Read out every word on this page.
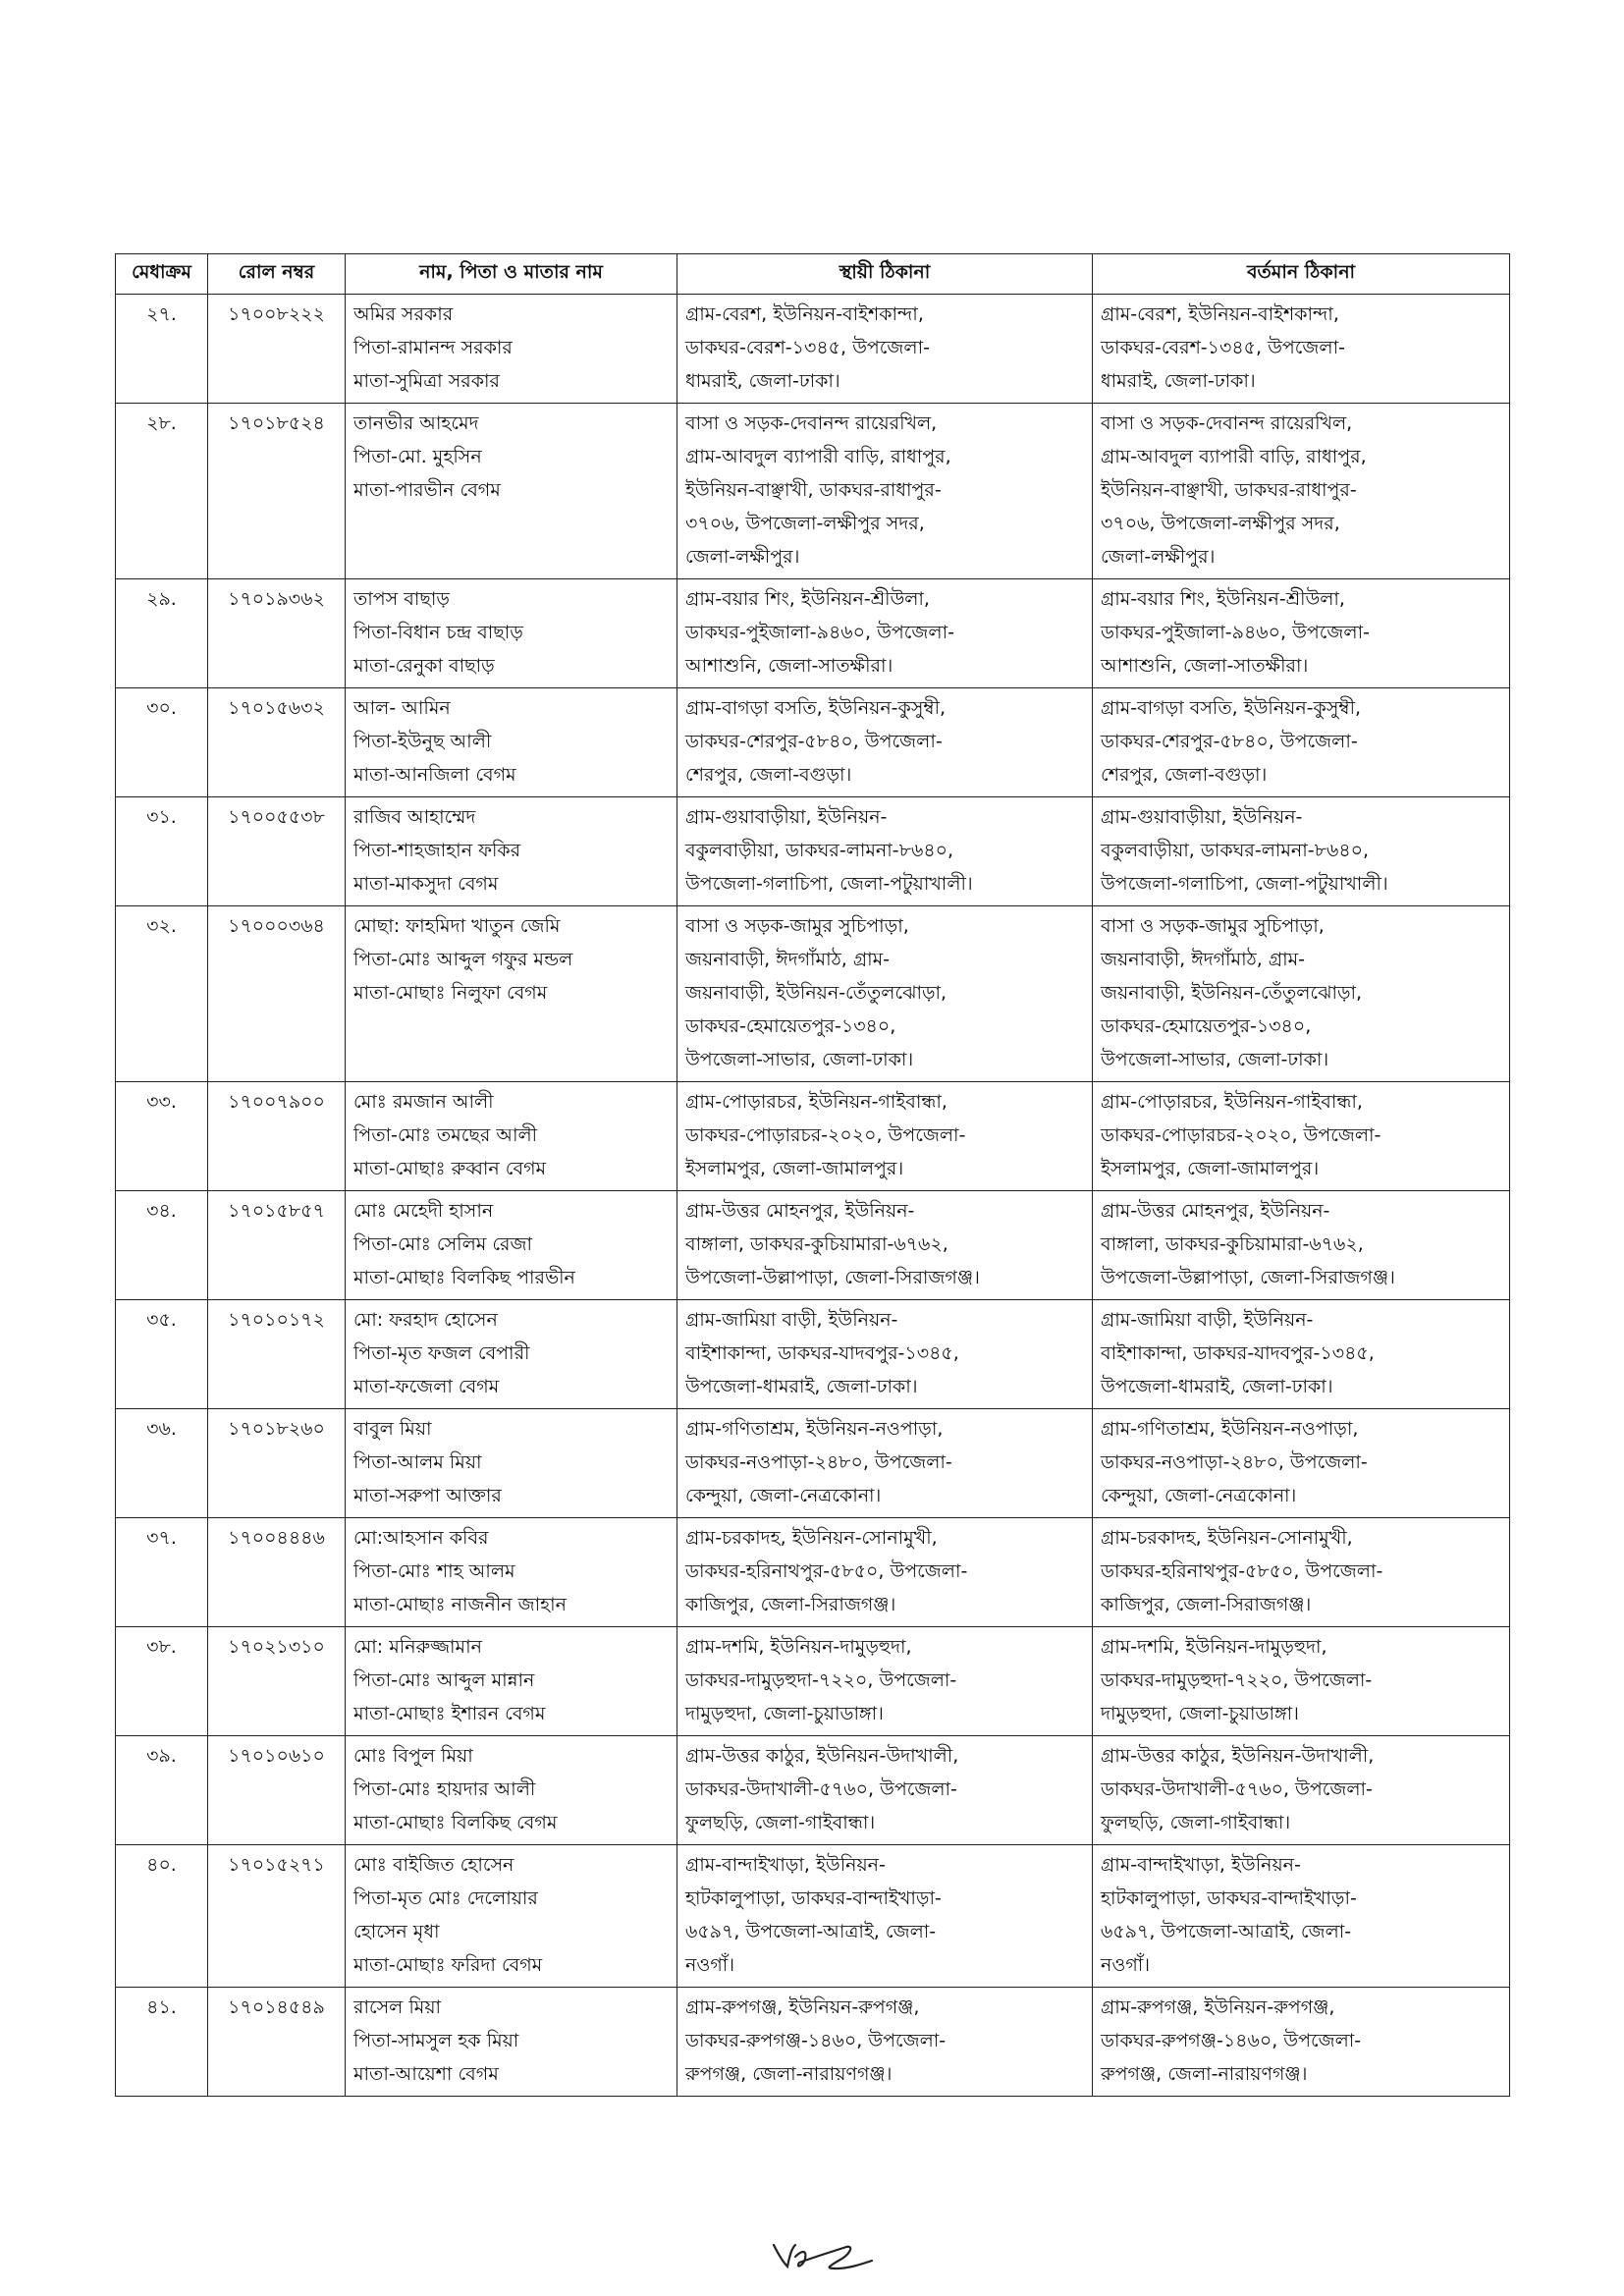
মেধাক্রম	রোল নম্বর	নাম, পিতা ও মাতার নাম	স্থায়ী ঠিকানা	বর্তমান ঠিকানা
২৭.	১৭০০৮২২২	অমির সরকার
পিতা-রামানন্দ সরকার
মাতা-সুমিত্রা সরকার	গ্রাম-বেরশ, ইউনিয়ন-বাইশকান্দা,
ডাকঘর-বেরশ-১৩৪৫, উপজেলা-
ধামরাই, জেলা-ঢাকা।	গ্রাম-বেরশ, ইউনিয়ন-বাইশকান্দা,
ডাকঘর-বেরশ-১৩৪৫, উপজেলা-
ধামরাই, জেলা-ঢাকা।
২৮.	১৭০১৮৫২৪	তানভীর আহমেদ
পিতা-মো. মুহসিন
মাতা-পারভীন বেগম	বাসা ও সড়ক-দেবানন্দ রায়েরখিল,
গ্রাম-আবদুল ব্যাপারী বাড়ি, রাধাপুর,
ইউনিয়ন-বাঞ্ছাখী, ডাকঘর-রাধাপুর-
৩৭০৬, উপজেলা-লক্ষীপুর সদর,
জেলা-লক্ষীপুর।	বাসা ও সড়ক-দেবানন্দ রায়েরখিল,
গ্রাম-আবদুল ব্যাপারী বাড়ি, রাধাপুর,
ইউনিয়ন-বাঞ্ছাখী, ডাকঘর-রাধাপুর-
৩৭০৬, উপজেলা-লক্ষীপুর সদর,
জেলা-লক্ষীপুর।
২৯.	১৭০১৯৩৬২	তাপস বাছাড়
পিতা-বিধান চন্দ্র বাছাড়
মাতা-রেনুকা বাছাড়	গ্রাম-বয়ার শিং, ইউনিয়ন-শ্রীউলা,
ডাকঘর-পুইজালা-৯৪৬০, উপজেলা-
আশাশুনি, জেলা-সাতক্ষীরা।	গ্রাম-বয়ার শিং, ইউনিয়ন-শ্রীউলা,
ডাকঘর-পুইজালা-৯৪৬০, উপজেলা-
আশাশুনি, জেলা-সাতক্ষীরা।
৩০.	১৭০১৫৬৩২	আল- আমিন
পিতা-ইউনুছ আলী
মাতা-আনজিলা বেগম	গ্রাম-বাগড়া বসতি, ইউনিয়ন-কুসুম্বী,
ডাকঘর-শেরপুর-৫৮৪০, উপজেলা-
শেরপুর, জেলা-বগুড়া।	গ্রাম-বাগড়া বসতি, ইউনিয়ন-কুসুম্বী,
ডাকঘর-শেরপুর-৫৮৪০, উপজেলা-
শেরপুর, জেলা-বগুড়া।
৩১.	১৭০০৫৫৩৮	রাজিব আহাম্মেদ
পিতা-শাহজাহান ফকির
মাতা-মাকসুদা বেগম	গ্রাম-গুয়াবাড়ীয়া, ইউনিয়ন-
বকুলবাড়ীয়া, ডাকঘর-লামনা-৮৬৪০,
উপজেলা-গলাচিপা, জেলা-পটুয়াখালী।	গ্রাম-গুয়াবাড়ীয়া, ইউনিয়ন-
বকুলবাড়ীয়া, ডাকঘর-লামনা-৮৬৪০,
উপজেলা-গলাচিপা, জেলা-পটুয়াখালী।
৩২.	১৭০০০৩৬৪	মোছা: ফাহমিদা খাতুন জেমি
পিতা-মোঃ আব্দুল গফুর মন্ডল
মাতা-মোছাঃ নিলুফা বেগম	বাসা ও সড়ক-জামুর সুচিপাড়া,
জয়নাবাড়ী, ঈদগাঁমাঠ, গ্রাম-
জয়নাবাড়ী, ইউনিয়ন-তেঁতুলঝোড়া,
ডাকঘর-হেমায়েতপুর-১৩৪০,
উপজেলা-সাভার, জেলা-ঢাকা।	বাসা ও সড়ক-জামুর সুচিপাড়া,
জয়নাবাড়ী, ঈদগাঁমাঠ, গ্রাম-
জয়নাবাড়ী, ইউনিয়ন-তেঁতুলঝোড়া,
ডাকঘর-হেমায়েতপুর-১৩৪০,
উপজেলা-সাভার, জেলা-ঢাকা।
৩৩.	১৭০০৭৯০০	মোঃ রমজান আলী
পিতা-মোঃ তমছের আলী
মাতা-মোছাঃ রুব্বান বেগম	গ্রাম-পোড়ারচর, ইউনিয়ন-গাইবান্ধা,
ডাকঘর-পোড়ারচর-২০২০, উপজেলা-
ইসলামপুর, জেলা-জামালপুর।	গ্রাম-পোড়ারচর, ইউনিয়ন-গাইবান্ধা,
ডাকঘর-পোড়ারচর-২০২০, উপজেলা-
ইসলামপুর, জেলা-জামালপুর।
৩৪.	১৭০১৫৮৫৭	মোঃ মেহেদী হাসান
পিতা-মোঃ সেলিম রেজা
মাতা-মোছাঃ বিলকিছ পারভীন	গ্রাম-উত্তর মোহনপুর, ইউনিয়ন-
বাঙ্গালা, ডাকঘর-কুচিয়ামারা-৬৭৬২,
উপজেলা-উল্লাপাড়া, জেলা-সিরাজগঞ্জ।	গ্রাম-উত্তর মোহনপুর, ইউনিয়ন-
বাঙ্গালা, ডাকঘর-কুচিয়ামারা-৬৭৬২,
উপজেলা-উল্লাপাড়া, জেলা-সিরাজগঞ্জ।
৩৫.	১৭০১০১৭২	মো: ফরহাদ হোসেন
পিতা-মৃত ফজল বেপারী
মাতা-ফজেলা বেগম	গ্রাম-জামিয়া বাড়ী, ইউনিয়ন-
বাইশাকান্দা, ডাকঘর-যাদবপুর-১৩৪৫,
উপজেলা-ধামরাই, জেলা-ঢাকা।	গ্রাম-জামিয়া বাড়ী, ইউনিয়ন-
বাইশাকান্দা, ডাকঘর-যাদবপুর-১৩৪৫,
উপজেলা-ধামরাই, জেলা-ঢাকা।
৩৬.	১৭০১৮২৬০	বাবুল মিয়া
পিতা-আলম মিয়া
মাতা-সরুপা আক্তার	গ্রাম-গণিতাশ্রম, ইউনিয়ন-নওপাড়া,
ডাকঘর-নওপাড়া-২৪৮০, উপজেলা-
কেন্দুয়া, জেলা-নেত্রকোনা।	গ্রাম-গণিতাশ্রম, ইউনিয়ন-নওপাড়া,
ডাকঘর-নওপাড়া-২৪৮০, উপজেলা-
কেন্দুয়া, জেলা-নেত্রকোনা।
৩৭.	১৭০০৪৪৪৬	মো:আহসান কবির
পিতা-মোঃ শাহ আলম
মাতা-মোছাঃ নাজনীন জাহান	গ্রাম-চরকাদহ, ইউনিয়ন-সোনামুখী,
ডাকঘর-হরিনাথপুর-৫৮৫০, উপজেলা-
কাজিপুর, জেলা-সিরাজগঞ্জ।	গ্রাম-চরকাদহ, ইউনিয়ন-সোনামুখী,
ডাকঘর-হরিনাথপুর-৫৮৫০, উপজেলা-
কাজিপুর, জেলা-সিরাজগঞ্জ।
৩৮.	১৭০২১৩১০	মো: মনিরুজ্জামান
পিতা-মোঃ আব্দুল মান্নান
মাতা-মোছাঃ ইশারন বেগম	গ্রাম-দশমি, ইউনিয়ন-দামুড়হুদা,
ডাকঘর-দামুড়হুদা-৭২২০, উপজেলা-
দামুড়হুদা, জেলা-চুয়াডাঙ্গা।	গ্রাম-দশমি, ইউনিয়ন-দামুড়হুদা,
ডাকঘর-দামুড়হুদা-৭২২০, উপজেলা-
দামুড়হুদা, জেলা-চুয়াডাঙ্গা।
৩৯.	১৭০১০৬১০	মোঃ বিপুল মিয়া
পিতা-মোঃ হায়দার আলী
মাতা-মোছাঃ বিলকিছ বেগম	গ্রাম-উত্তর কাঠুর, ইউনিয়ন-উদাখালী,
ডাকঘর-উদাখালী-৫৭৬০, উপজেলা-
ফুলছড়ি, জেলা-গাইবান্ধা।	গ্রাম-উত্তর কাঠুর, ইউনিয়ন-উদাখালী,
ডাকঘর-উদাখালী-৫৭৬০, উপজেলা-
ফুলছড়ি, জেলা-গাইবান্ধা।
৪০.	১৭০১৫২৭১	মোঃ বাইজিত হোসেন
পিতা-মৃত মোঃ দেলোয়ার
হোসেন মৃধা
মাতা-মোছাঃ ফরিদা বেগম	গ্রাম-বান্দাইখাড়া, ইউনিয়ন-
হাটকালুপাড়া, ডাকঘর-বান্দাইখাড়া-
৬৫৯৭, উপজেলা-আত্রাই, জেলা-
নওগাঁ।	গ্রাম-বান্দাইখাড়া, ইউনিয়ন-
হাটকালুপাড়া, ডাকঘর-বান্দাইখাড়া-
৬৫৯৭, উপজেলা-আত্রাই, জেলা-
নওগাঁ।
৪১.	১৭০১৪৫৪৯	রাসেল মিয়া
পিতা-সামসুল হক মিয়া
মাতা-আয়েশা বেগম	গ্রাম-রুপগঞ্জ, ইউনিয়ন-রুপগঞ্জ,
ডাকঘর-রুপগঞ্জ-১৪৬০, উপজেলা-
রুপগঞ্জ, জেলা-নারায়ণগঞ্জ।	গ্রাম-রুপগঞ্জ, ইউনিয়ন-রুপগঞ্জ,
ডাকঘর-রুপগঞ্জ-১৪৬০, উপজেলা-
রুপগঞ্জ, জেলা-নারায়ণগঞ্জ।
